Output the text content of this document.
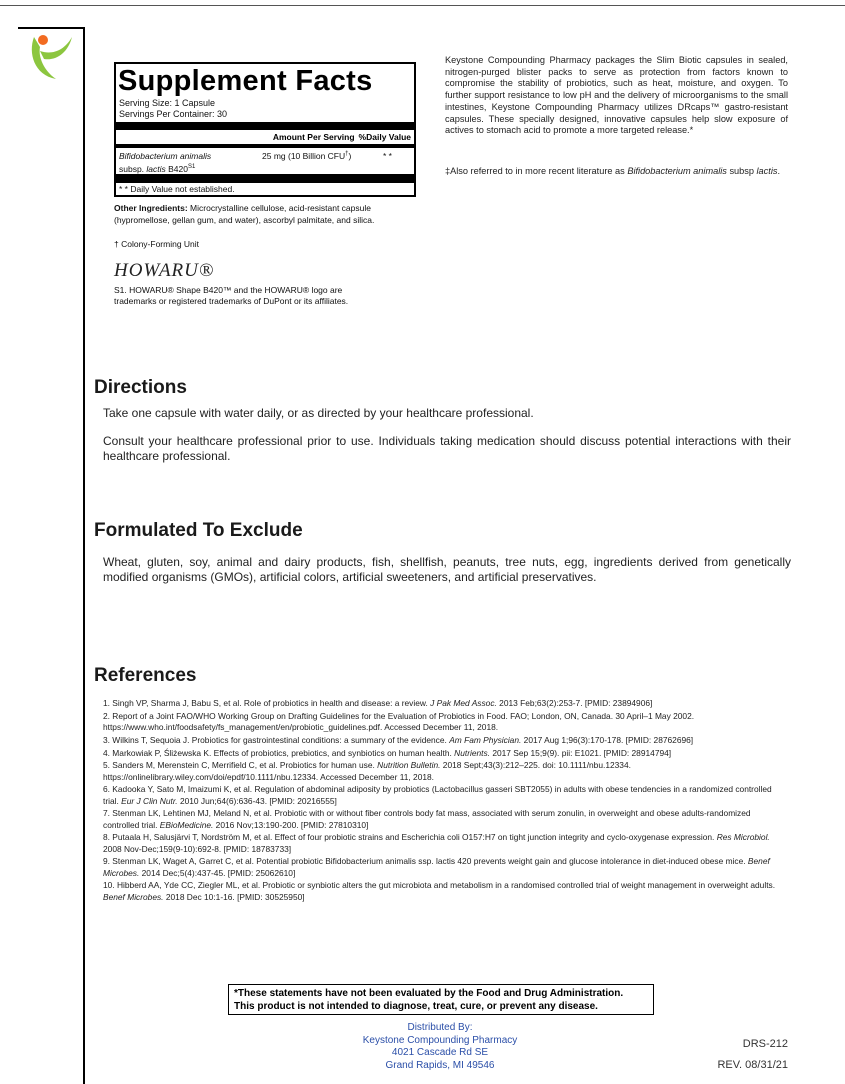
Supplement Facts
Serving Size: 1 Capsule
Servings Per Container: 30
Amount Per Serving %Daily Value
Bifidobacterium animalis
subsp. lactis $B420^{S1}$
25 mg (10 Billion CFU†)	* *
* * Daily Value not established.
Other Ingredients: Microcrystalline cellulose, acid-resistant capsule (hypromellose, gellan gum, and water), ascorbyl palmitate, and silica.
† Colony-Forming Unit
HOWARU®
S1. HOWARU® Shape B420™ and the HOWARU® logo are trademarks or registered trademarks of DuPont or its affiliates.
Keystone Compounding Pharmacy packages the Slim Biotic capsules in sealed, nitrogen-purged blister packs to serve as protection from factors known to compromise the stability of probiotics, such as heat, moisture, and oxygen. To further support resistance to low pH and the delivery of microorganisms to the small intestines, Keystone Compounding Pharmacy utilizes DRcaps™ gastro-resistant capsules. These specially designed, innovative capsules help slow exposure of actives to stomach acid to promote a more targeted release.*
‡Also referred to in more recent literature as Bifidobacterium animalis subsp lactis.
Directions
Take one capsule with water daily, or as directed by your healthcare professional.
Consult your healthcare professional prior to use. Individuals taking medication should discuss potential interactions with their healthcare professional.
Formulated To Exclude
Wheat, gluten, soy, animal and dairy products, fish, shellfish, peanuts, tree nuts, egg, ingredients derived from genetically modified organisms (GMOs), artificial colors, artificial sweeteners, and artificial preservatives.
References
1. Singh VP, Sharma J, Babu S, et al. Role of probiotics in health and disease: a review. J Pak Med Assoc. 2013 Feb;63(2):253-7. [PMID: 23894906]
2. Report of a Joint FAO/WHO Working Group on Drafting Guidelines for the Evaluation of Probiotics in Food. FAO; London, ON, Canada. 30 April–1 May 2002. https://www.who.int/foodsafety/fs_management/en/probiotic_guidelines.pdf. Accessed December 11, 2018.
3. Wilkins T, Sequoia J. Probiotics for gastrointestinal conditions: a summary of the evidence. Am Fam Physician. 2017 Aug 1;96(3):170-178. [PMID: 28762696]
4. Markowiak P, Śliżewska K. Effects of probiotics, prebiotics, and synbiotics on human health. Nutrients. 2017 Sep 15;9(9). pii: E1021. [PMID: 28914794]
5. Sanders M, Merenstein C, Merrifield C, et al. Probiotics for human use. Nutrition Bulletin. 2018 Sept;43(3):212–225. doi: 10.1111/nbu.12334. https://onlinelibrary.wiley.com/doi/epdf/10.1111/nbu.12334. Accessed December 11, 2018.
6. Kadooka Y, Sato M, Imaizumi K, et al. Regulation of abdominal adiposity by probiotics (Lactobacillus gasseri SBT2055) in adults with obese tendencies in a randomized controlled trial. Eur J Clin Nutr. 2010 Jun;64(6):636-43. [PMID: 20216555]
7. Stenman LK, Lehtinen MJ, Meland N, et al. Probiotic with or without fiber controls body fat mass, associated with serum zonulin, in overweight and obese adults-randomized controlled trial. EBioMedicine. 2016 Nov;13:190-200. [PMID: 27810310]
8. Putaala H, Salusjärvi T, Nordström M, et al. Effect of four probiotic strains and Escherichia coli O157:H7 on tight junction integrity and cyclo-oxygenase expression. Res Microbiol. 2008 Nov-Dec;159(9-10):692-8. [PMID: 18783733]
9. Stenman LK, Waget A, Garret C, et al. Potential probiotic Bifidobacterium animalis ssp. lactis 420 prevents weight gain and glucose intolerance in diet-induced obese mice. Benef Microbes. 2014 Dec;5(4):437-45. [PMID: 25062610]
10. Hibberd AA, Yde CC, Ziegler ML, et al. Probiotic or synbiotic alters the gut microbiota and metabolism in a randomised controlled trial of weight management in overweight adults. Benef Microbes. 2018 Dec 10:1-16. [PMID: 30525950]
*These statements have not been evaluated by the Food and Drug Administration.
This product is not intended to diagnose, treat, cure, or prevent any disease.
Distributed By:
Keystone Compounding Pharmacy
4021 Cascade Rd SE
Grand Rapids, MI 49546
DRS-212
REV. 08/31/21
